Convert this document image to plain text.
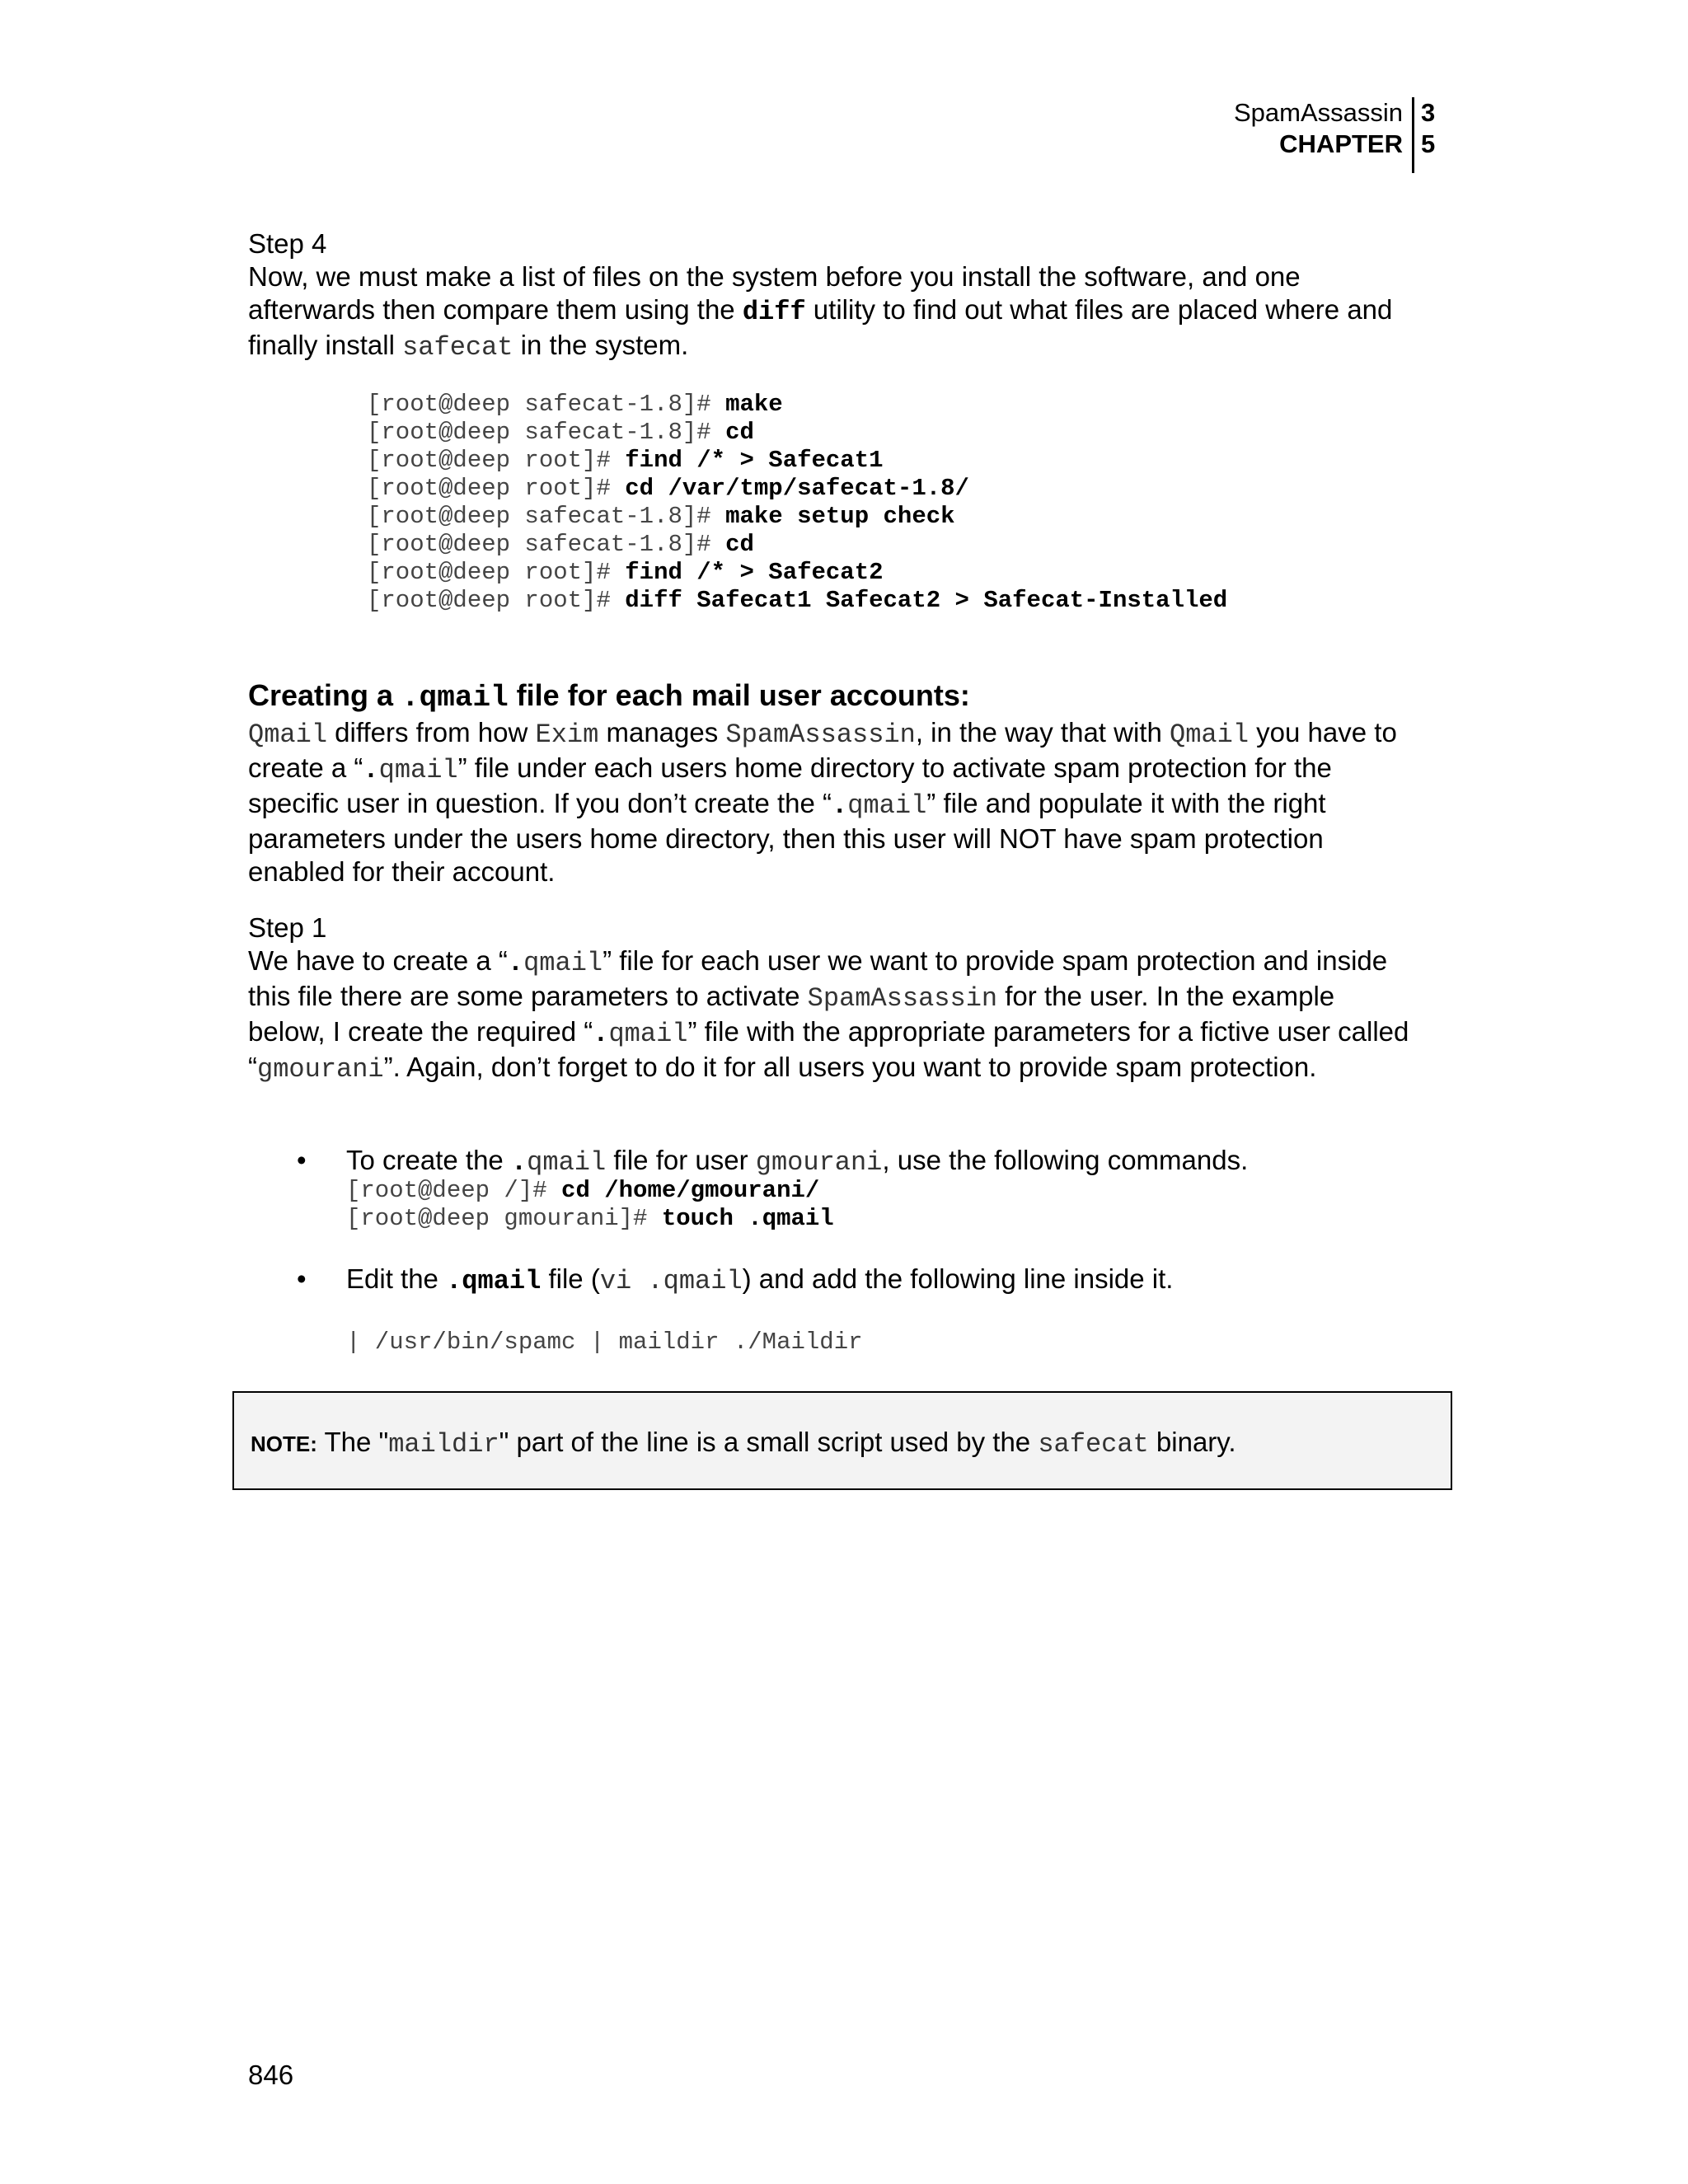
SpamAssassin
CHAPTER
3
5

Step 4

Now, we must make a list of files on the system before you install the software, and one

afterwards then compare them using the diff utility to find out what files are placed where and

finally install safecat in the system.

[root@deep safecat-1.8]# make
[root@deep safecat-1.8]# cd
[root@deep root]# find /* > Safecat1
[root@deep root]# cd /var/tmp/safecat-1.8/
[root@deep safecat-1.8]# make setup check
[root@deep safecat-1.8]# cd
[root@deep root]# find /* > Safecat2
[root@deep root]# diff Safecat1 Safecat2 > Safecat-Installed

Creating a .qmail file for each mail user accounts:

Qmail differs from how Exim manages SpamAssassin, in the way that with Qmail you have to

create a “.qmail” file under each users home directory to activate spam protection for the

specific user in question. If you don’t create the “.qmail” file and populate it with the right

parameters under the users home directory, then this user will NOT have spam protection

enabled for their account.

Step 1

We have to create a “.qmail” file for each user we want to provide spam protection and inside

this file there are some parameters to activate SpamAssassin for the user. In the example

below, I create the required “.qmail” file with the appropriate parameters for a fictive user called

“gmourani”. Again, don’t forget to do it for all users you want to provide spam protection.

• To create the .qmail file for user gmourani, use the following commands.
[root@deep /]# cd /home/gmourani/
[root@deep gmourani]# touch .qmail
• Edit the .qmail file (vi .qmail) and add the following line inside it.
| /usr/bin/spamc | maildir ./Maildir
NOTE: The "maildir" part of the line is a small script used by the safecat binary.
846
